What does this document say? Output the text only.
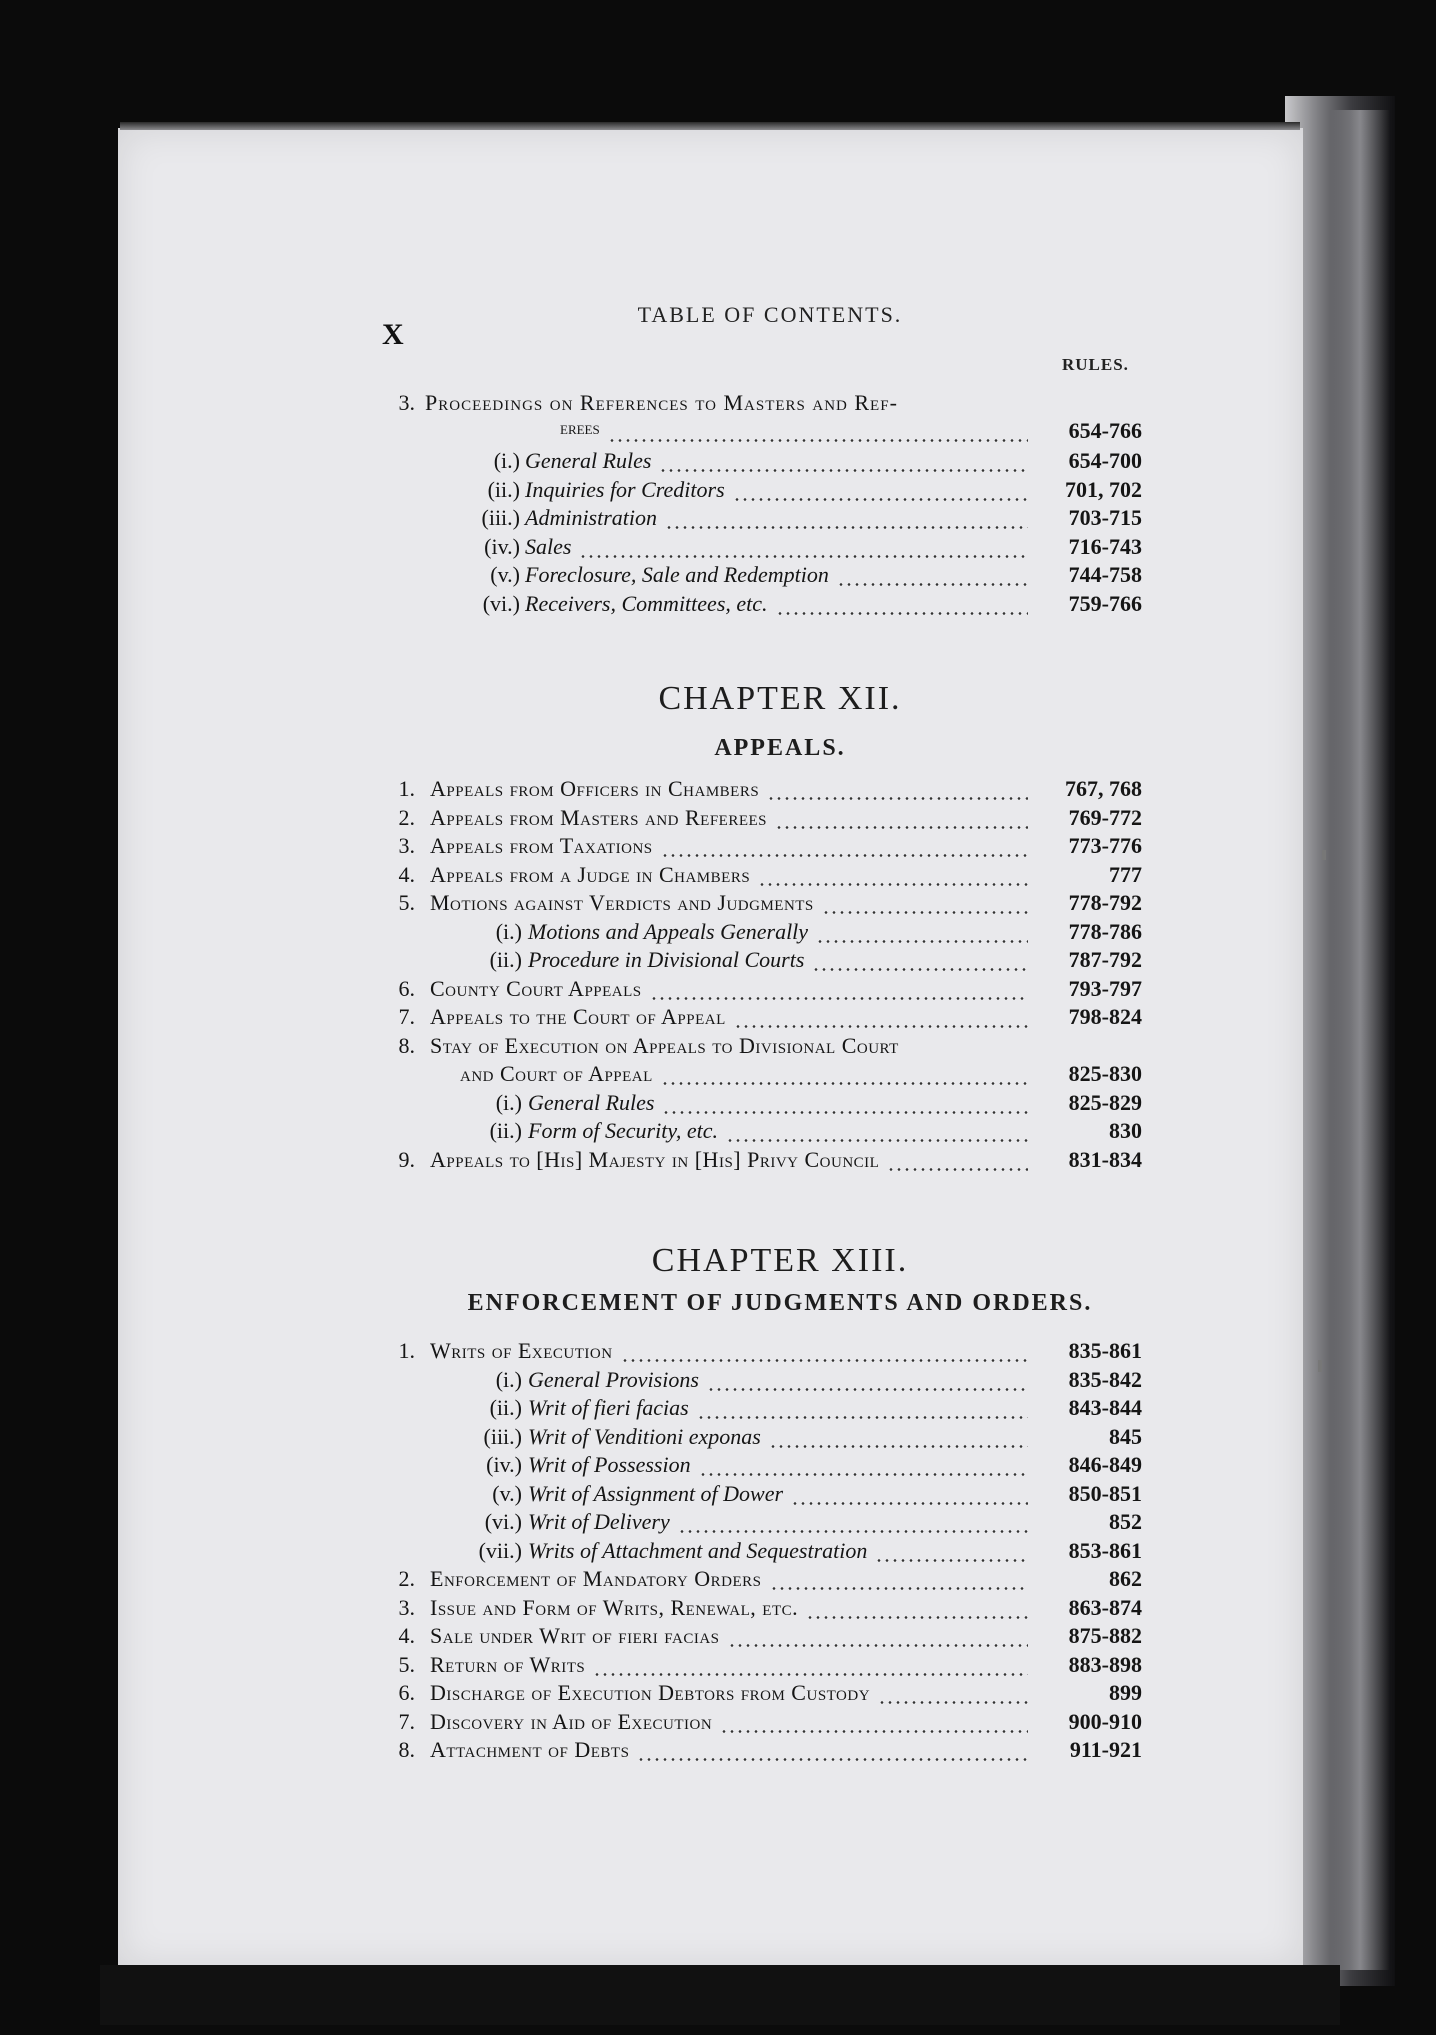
X
TABLE OF CONTENTS.
RULES.
3. Proceedings on References to Masters and Ref-
erees	654-766
(i.) General Rules	654-700
(ii.) Inquiries for Creditors	701, 702
(iii.) Administration	703-715
(iv.) Sales	716-743
(v.) Foreclosure, Sale and Redemption	744-758
(vi.) Receivers, Committees, etc.	759-766
CHAPTER XII.
APPEALS.
1. Appeals from Officers in Chambers	767, 768
2. Appeals from Masters and Referees	769-772
3. Appeals from Taxations	773-776
4. Appeals from a Judge in Chambers	777
5. Motions against Verdicts and Judgments	778-792
(i.) Motions and Appeals Generally	778-786
(ii.) Procedure in Divisional Courts	787-792
6. County Court Appeals	793-797
7. Appeals to the Court of Appeal	798-824
8. Stay of Execution on Appeals to Divisional Court
and Court of Appeal	825-830
(i.) General Rules	825-829
(ii.) Form of Security, etc.	830
9. Appeals to [His] Majesty in [His] Privy Council	831-834
CHAPTER XIII.
ENFORCEMENT OF JUDGMENTS AND ORDERS.
1. Writs of Execution	835-861
(i.) General Provisions	835-842
(ii.) Writ of fieri facias	843-844
(iii.) Writ of Venditioni exponas	845
(iv.) Writ of Possession	846-849
(v.) Writ of Assignment of Dower	850-851
(vi.) Writ of Delivery	852
(vii.) Writs of Attachment and Sequestration	853-861
2. Enforcement of Mandatory Orders	862
3. Issue and Form of Writs, Renewal, etc.	863-874
4. Sale under Writ of fieri facias	875-882
5. Return of Writs	883-898
6. Discharge of Execution Debtors from Custody	899
7. Discovery in Aid of Execution	900-910
8. Attachment of Debts	911-921
